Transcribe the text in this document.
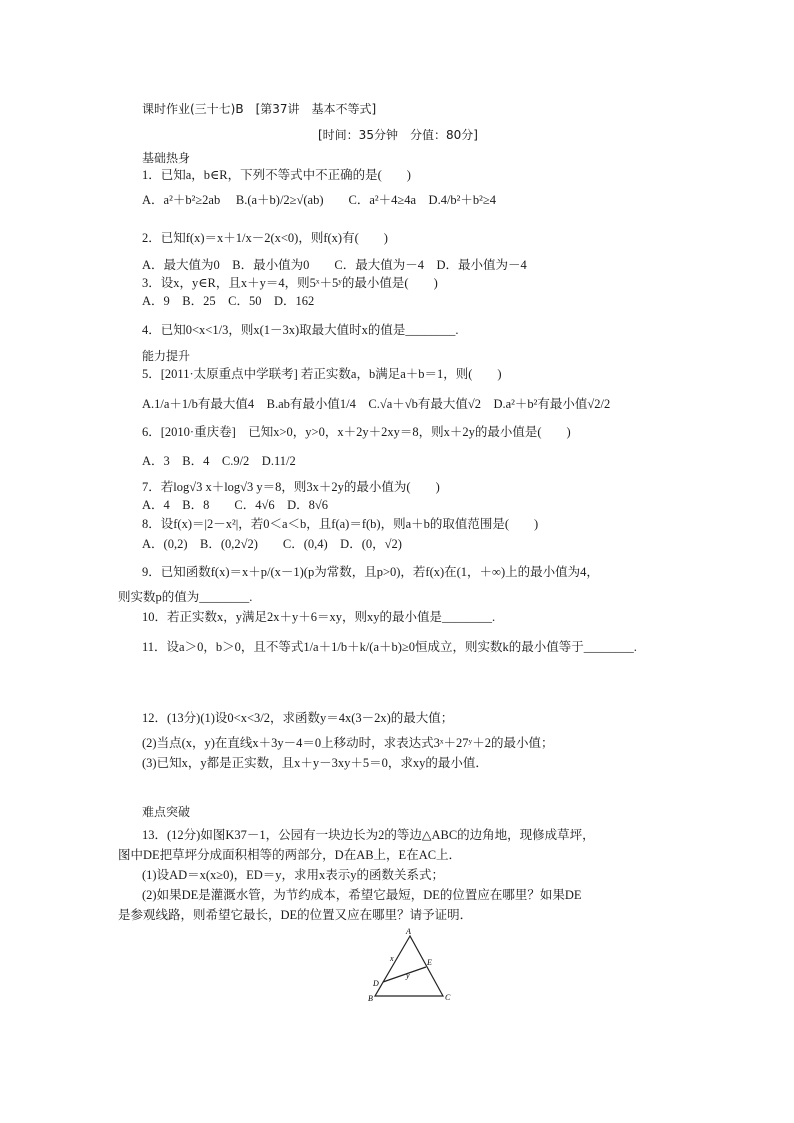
课时作业(三十七)B　[第37讲　基本不等式]
[时间：35分钟　分值：80分]
基础热身
1．已知a，b∈R，下列不等式中不正确的是(　　)
A．a²＋b²≥2ab　 B.(a＋b)/2≥√(ab)　　C．a²＋4≥4a　D.4/b²＋b²≥4
2．已知f(x)＝x＋1/x－2(x<0)，则f(x)有(　　)
A．最大值为0　B．最小值为0　　C．最大值为－4　D．最小值为－4
3．设x，y∈R，且x＋y＝4，则5ˣ＋5ʸ的最小值是(　　)
A．9　B．25　C．50　D．162
4．已知0<x<1/3，则x(1－3x)取最大值时x的值是________.
能力提升
5．[2011·太原重点中学联考] 若正实数a，b满足a＋b＝1，则(　　)
A.1/a＋1/b有最大值4　B.ab有最小值1/4　C.√a＋√b有最大值√2　D.a²＋b²有最小值√2/2
6．[2010·重庆卷]　已知x>0，y>0，x＋2y＋2xy＝8，则x＋2y的最小值是(　　)
A．3　B．4　C.9/2　D.11/2
7．若log√3 x＋log√3 y＝8，则3x＋2y的最小值为(　　)
A．4　B．8　　C．4√6　D．8√6
8．设f(x)＝|2－x²|，若0＜a＜b，且f(a)＝f(b)，则a＋b的取值范围是(　　)
A．(0,2)　B．(0,2√2)　　C．(0,4)　D．(0，√2)
9．已知函数f(x)＝x＋p/(x－1)(p为常数，且p>0)，若f(x)在(1，＋∞)上的最小值为4，
则实数p的值为________.
10．若正实数x，y满足2x＋y＋6＝xy，则xy的最小值是________.
11．设a＞0，b＞0，且不等式1/a＋1/b＋k/(a＋b)≥0恒成立，则实数k的最小值等于________.
12．(13分)(1)设0<x<3/2，求函数y＝4x(3－2x)的最大值；
(2)当点(x，y)在直线x＋3y－4＝0上移动时，求表达式3ˣ＋27ʸ＋2的最小值；
(3)已知x，y都是正实数，且x＋y－3xy＋5＝0，求xy的最小值．
难点突破
13．(12分)如图K37－1，公园有一块边长为2的等边△ABC的边角地，现修成草坪，
图中DE把草坪分成面积相等的两部分，D在AB上，E在AC上．
(1)设AD＝x(x≥0)，ED＝y，求用x表示y的函数关系式；
(2)如果DE是灌溉水管，为节约成本，希望它最短，DE的位置应在哪里？如果DE
是参观线路，则希望它最长，DE的位置又应在哪里？请予证明．
A
B	C
D
E
x
y
